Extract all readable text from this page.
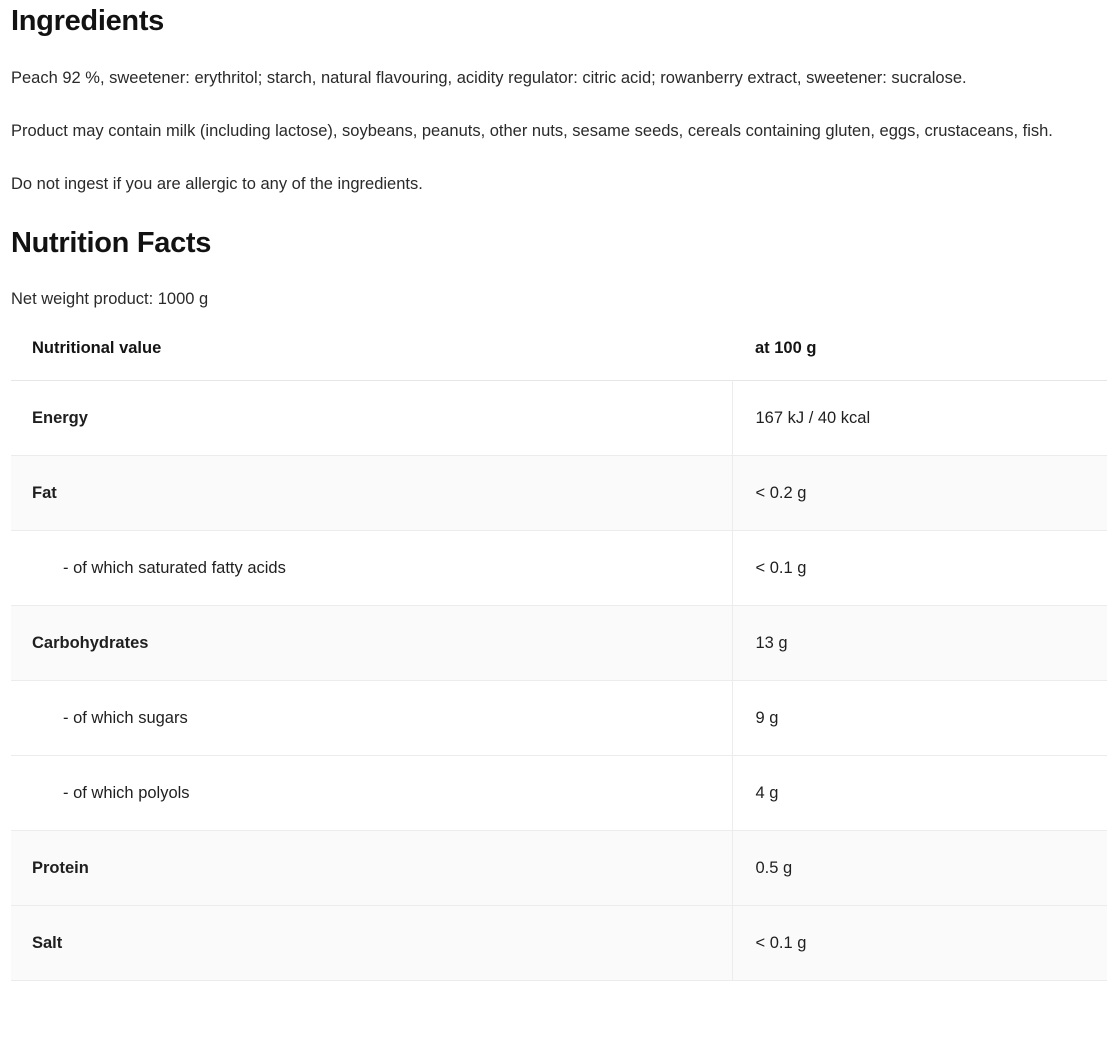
Ingredients

Peach 92 %, sweetener: erythritol; starch, natural flavouring, acidity regulator: citric acid; rowanberry extract, sweetener: sucralose.

Product may contain milk (including lactose), soybeans, peanuts, other nuts, sesame seeds, cereals containing gluten, eggs, crustaceans, fish.

Do not ingest if you are allergic to any of the ingredients.

Nutrition Facts

Net weight product: 1000 g

Nutritional value	at 100 g
Energy	167 kJ / 40 kcal
Fat	< 0.2 g
- of which saturated fatty acids	< 0.1 g
Carbohydrates	13 g
- of which sugars	9 g
- of which polyols	4 g
Protein	0.5 g
Salt	< 0.1 g
